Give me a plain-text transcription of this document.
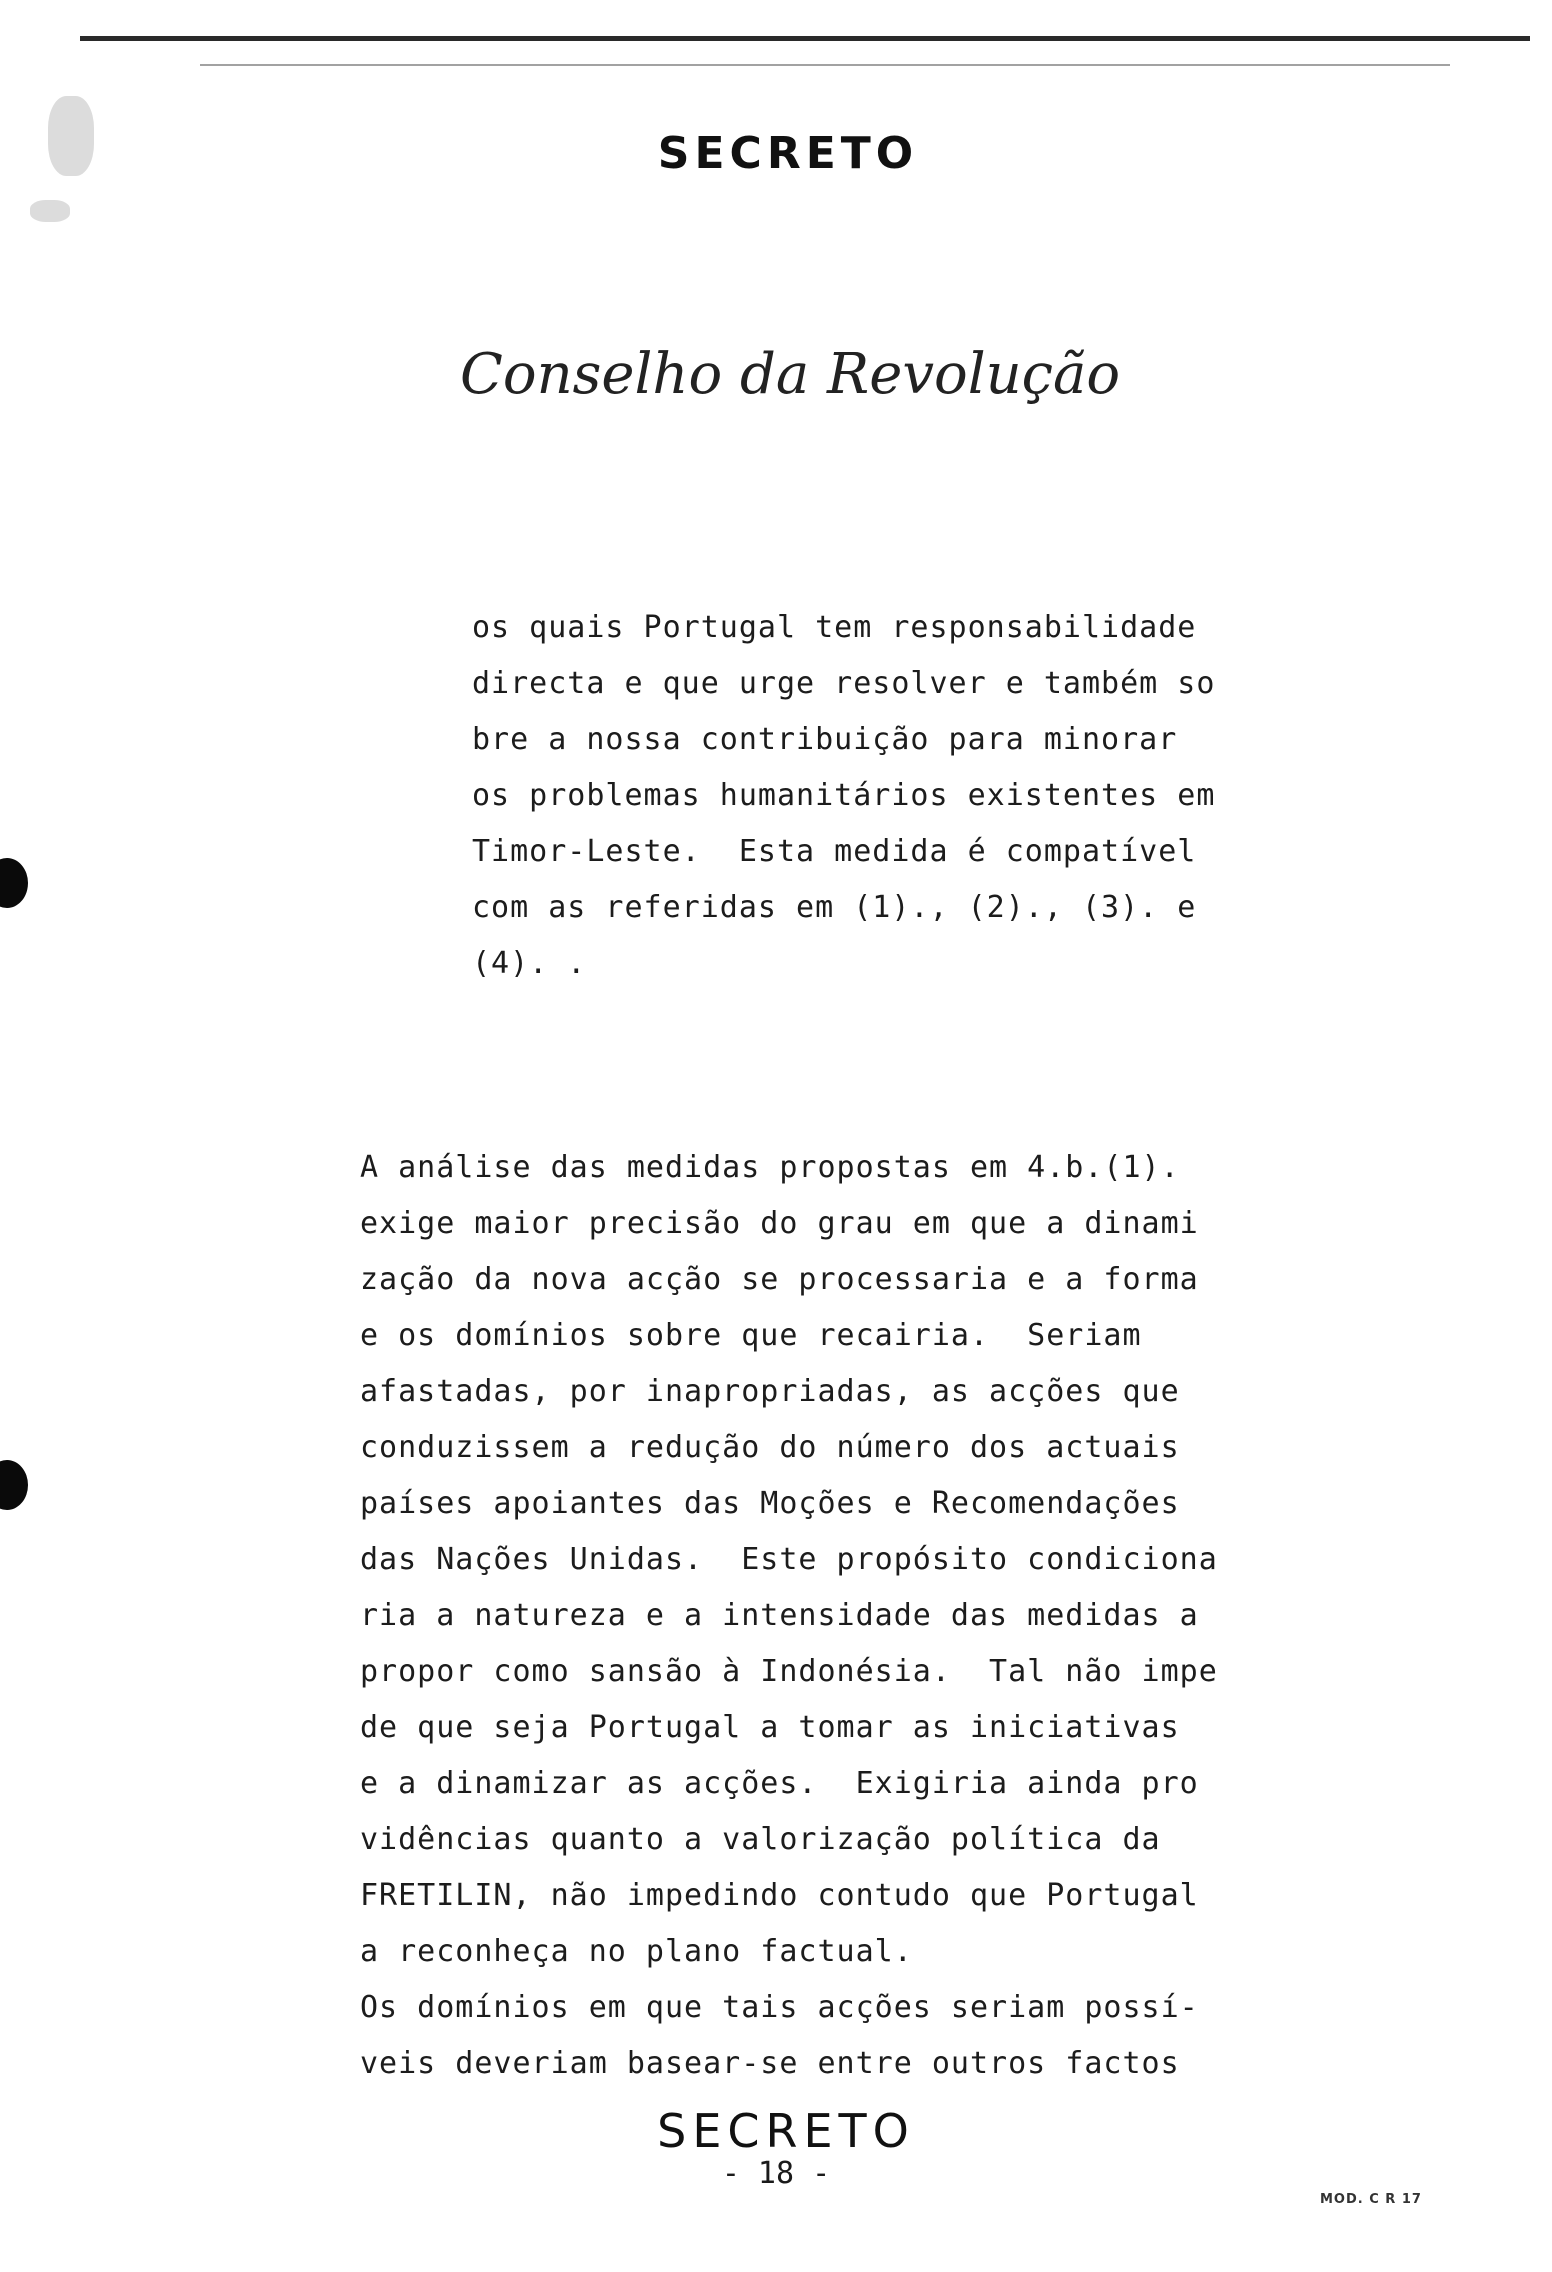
SECRETO
Conselho da Revolução
os quais Portugal tem responsabilidade
directa e que urge resolver e também so
bre a nossa contribuição para minorar
os problemas humanitários existentes em
Timor-Leste.  Esta medida é compatível
com as referidas em (1)., (2)., (3). e
(4). .
A análise das medidas propostas em 4.b.(1).
exige maior precisão do grau em que a dinami
zação da nova acção se processaria e a forma
e os domínios sobre que recairia.  Seriam
afastadas, por inapropriadas, as acções que
conduzissem a redução do número dos actuais
países apoiantes das Moções e Recomendações
das Nações Unidas.  Este propósito condiciona
ria a natureza e a intensidade das medidas a
propor como sansão à Indonésia.  Tal não impe
de que seja Portugal a tomar as iniciativas
e a dinamizar as acções.  Exigiria ainda pro
vidências quanto a valorização política da
FRETILIN, não impedindo contudo que Portugal
a reconheça no plano factual.
Os domínios em que tais acções seriam possí-
veis deveriam basear-se entre outros factos
SECRETO
- 18 -
MOD. C R 17
